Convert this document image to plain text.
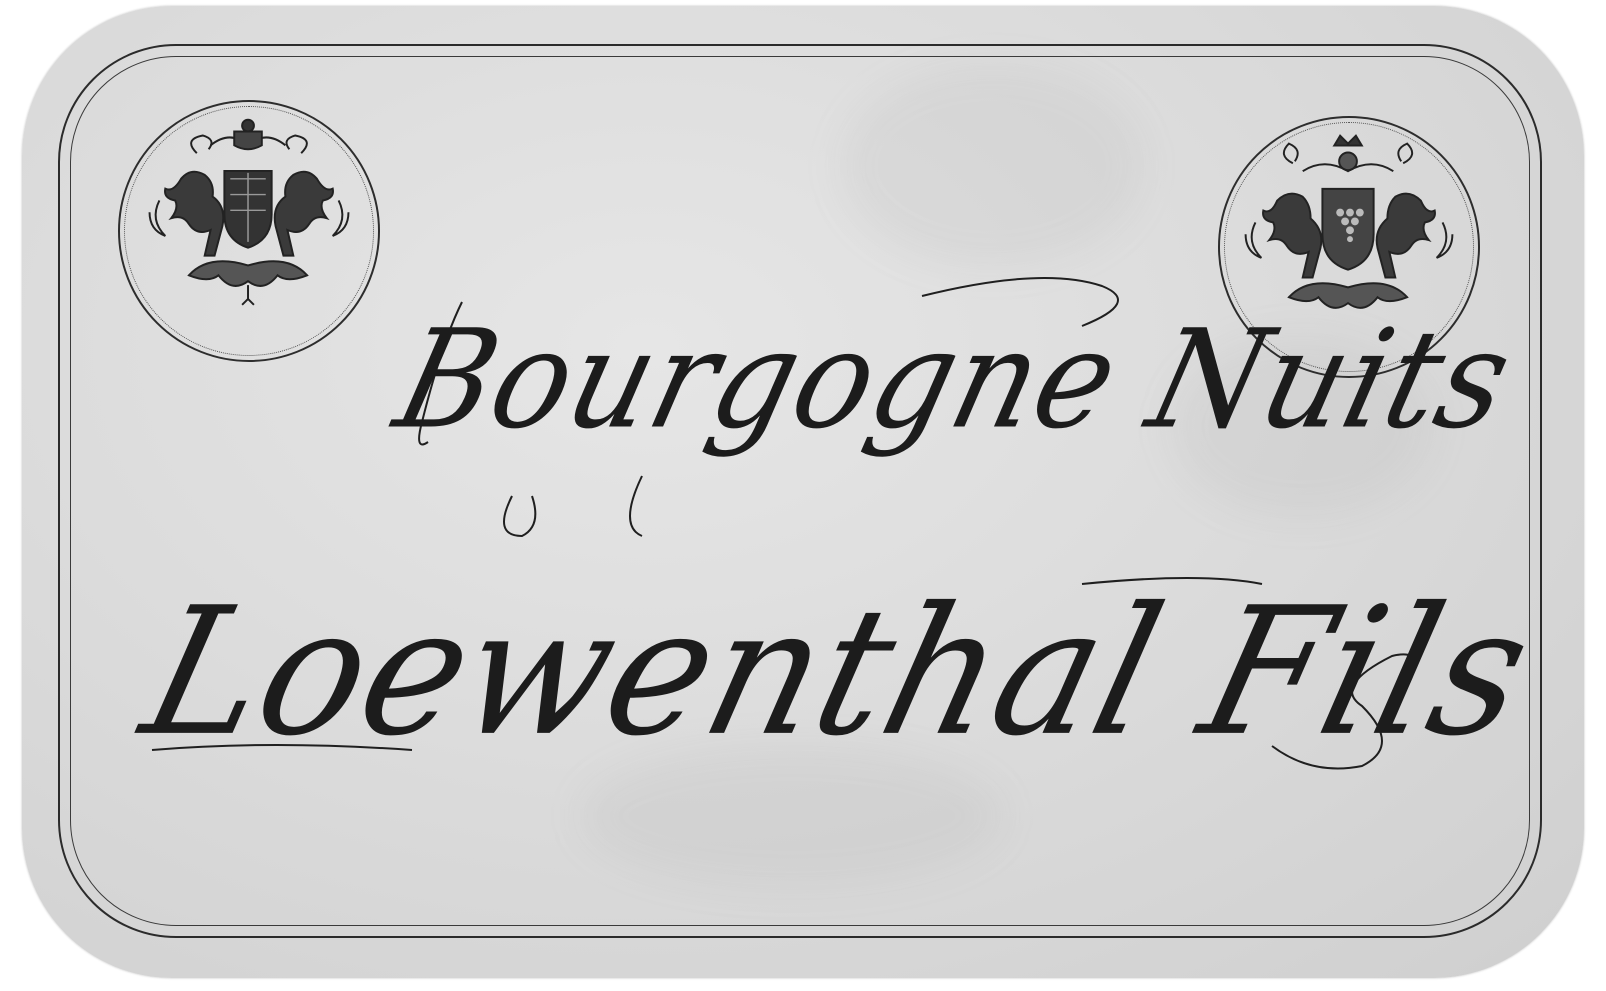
Bourgogne Nuits

Loewenthal Fils
